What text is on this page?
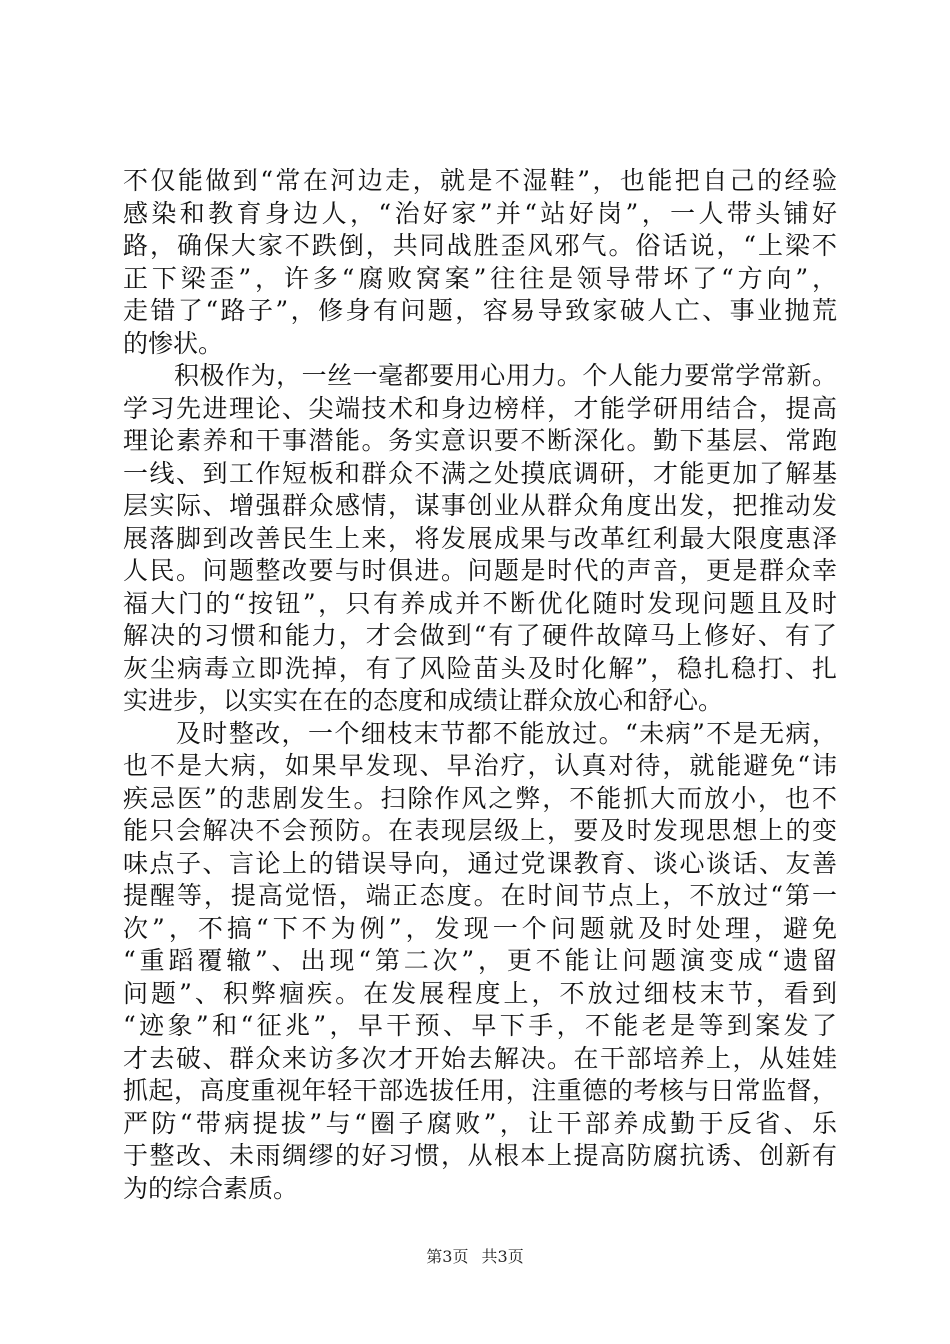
不仅能做到“常在河边走，就是不湿鞋”，也能把自己的经验
感染和教育身边人，“治好家”并“站好岗”，一人带头铺好
路，确保大家不跌倒，共同战胜歪风邪气。俗话说，“上梁不
正下梁歪”，许多“腐败窝案”往往是领导带坏了“方向”，
走错了“路子”，修身有问题，容易导致家破人亡、事业抛荒
的惨状。
　　积极作为，一丝一毫都要用心用力。个人能力要常学常新。
学习先进理论、尖端技术和身边榜样，才能学研用结合，提高
理论素养和干事潜能。务实意识要不断深化。勤下基层、常跑
一线、到工作短板和群众不满之处摸底调研，才能更加了解基
层实际、增强群众感情，谋事创业从群众角度出发，把推动发
展落脚到改善民生上来，将发展成果与改革红利最大限度惠泽
人民。问题整改要与时俱进。问题是时代的声音，更是群众幸
福大门的“按钮”，只有养成并不断优化随时发现问题且及时
解决的习惯和能力，才会做到“有了硬件故障马上修好、有了
灰尘病毒立即洗掉，有了风险苗头及时化解”，稳扎稳打、扎
实进步，以实实在在的态度和成绩让群众放心和舒心。
　　及时整改，一个细枝末节都不能放过。“未病”不是无病，
也不是大病，如果早发现、早治疗，认真对待，就能避免“讳
疾忌医”的悲剧发生。扫除作风之弊，不能抓大而放小，也不
能只会解决不会预防。在表现层级上，要及时发现思想上的变
味点子、言论上的错误导向，通过党课教育、谈心谈话、友善
提醒等，提高觉悟，端正态度。在时间节点上，不放过“第一
次”，不搞“下不为例”，发现一个问题就及时处理，避免
“重蹈覆辙”、出现“第二次”，更不能让问题演变成“遗留
问题”、积弊痼疾。在发展程度上，不放过细枝末节，看到
“迹象”和“征兆”，早干预、早下手，不能老是等到案发了
才去破、群众来访多次才开始去解决。在干部培养上，从娃娃
抓起，高度重视年轻干部选拔任用，注重德的考核与日常监督，
严防“带病提拔”与“圈子腐败”，让干部养成勤于反省、乐
于整改、未雨绸缪的好习惯，从根本上提高防腐抗诱、创新有
为的综合素质。
第3页 共3页
